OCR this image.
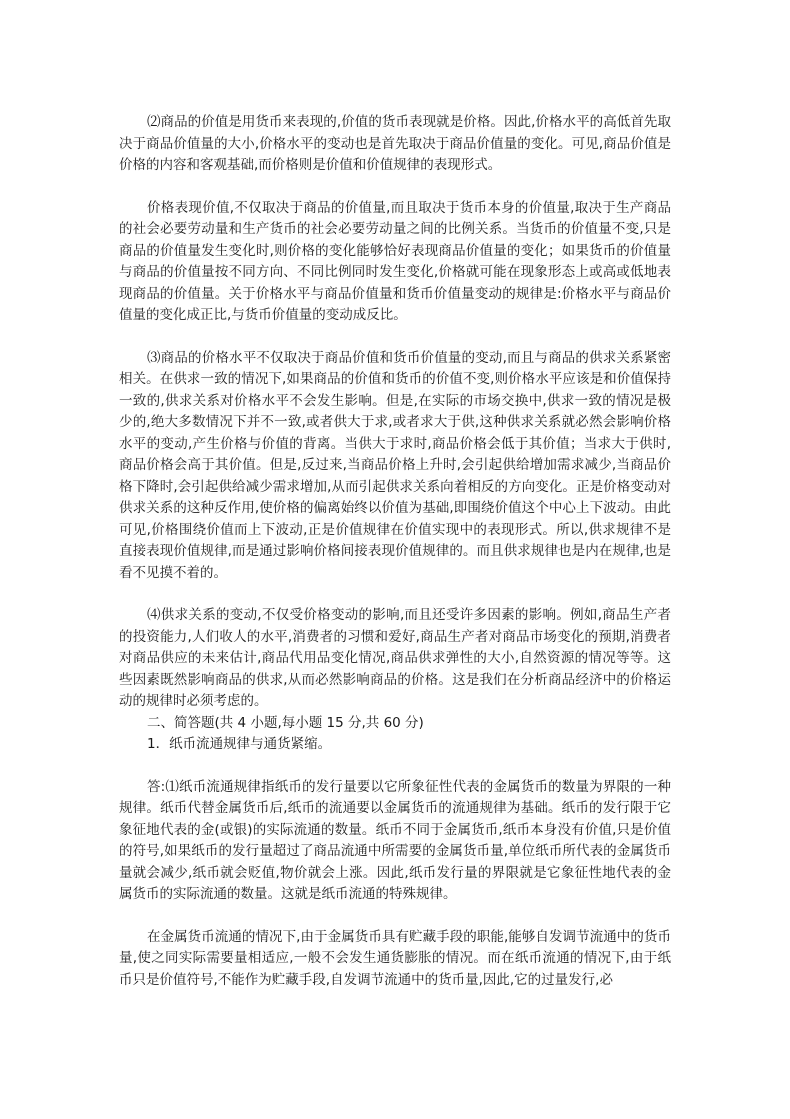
⑵商品的价值是用货币来表现的,价值的货币表现就是价格。因此,价格水平的高低首先取决于商品价值量的大小,价格水平的变动也是首先取决于商品价值量的变化。可见,商品价值是价格的内容和客观基础,而价格则是价值和价值规律的表现形式。

价格表现价值,不仅取决于商品的价值量,而且取决于货币本身的价值量,取决于生产商品的社会必要劳动量和生产货币的社会必要劳动量之间的比例关系。当货币的价值量不变,只是商品的价值量发生变化时,则价格的变化能够恰好表现商品价值量的变化；如果货币的价值量与商品的价值量按不同方向、不同比例同时发生变化,价格就可能在现象形态上或高或低地表现商品的价值量。关于价格水平与商品价值量和货币价值量变动的规律是:价格水平与商品价值量的变化成正比,与货币价值量的变动成反比。

⑶商品的价格水平不仅取决于商品价值和货币价值量的变动,而且与商品的供求关系紧密相关。在供求一致的情况下,如果商品的价值和货币的价值不变,则价格水平应该是和价值保持一致的,供求关系对价格水平不会发生影响。但是,在实际的市场交换中,供求一致的情况是极少的,绝大多数情况下并不一致,或者供大于求,或者求大于供,这种供求关系就必然会影响价格水平的变动,产生价格与价值的背离。当供大于求时,商品价格会低于其价值；当求大于供时,商品价格会高于其价值。但是,反过来,当商品价格上升时,会引起供给增加需求减少,当商品价格下降时,会引起供给减少需求增加,从而引起供求关系向着相反的方向变化。正是价格变动对供求关系的这种反作用,使价格的偏离始终以价值为基础,即围绕价值这个中心上下波动。由此可见,价格围绕价值而上下波动,正是价值规律在价值实现中的表现形式。所以,供求规律不是直接表现价值规律,而是通过影响价格间接表现价值规律的。而且供求规律也是内在规律,也是看不见摸不着的。

⑷供求关系的变动,不仅受价格变动的影响,而且还受许多因素的影响。例如,商品生产者的投资能力,人们收人的水平,消费者的习惯和爱好,商品生产者对商品市场变化的预期,消费者对商品供应的未来估计,商品代用品变化情况,商品供求弹性的大小,自然资源的情况等等。这些因素既然影响商品的供求,从而必然影响商品的价格。这是我们在分析商品经济中的价格运动的规律时必须考虑的。

二、简答题(共 4 小题,每小题 15 分,共 60 分)

1．纸币流通规律与通货紧缩。

答:⑴纸币流通规律指纸币的发行量要以它所象征性代表的金属货币的数量为界限的一种规律。纸币代替金属货币后,纸币的流通要以金属货币的流通规律为基础。纸币的发行限于它象征地代表的金(或银)的实际流通的数量。纸币不同于金属货币,纸币本身没有价值,只是价值的符号,如果纸币的发行量超过了商品流通中所需要的金属货币量,单位纸币所代表的金属货币量就会减少,纸币就会贬值,物价就会上涨。因此,纸币发行量的界限就是它象征性地代表的金属货币的实际流通的数量。这就是纸币流通的特殊规律。

在金属货币流通的情况下,由于金属货币具有贮藏手段的职能,能够自发调节流通中的货币量,使之同实际需要量相适应,一般不会发生通货膨胀的情况。而在纸币流通的情况下,由于纸币只是价值符号,不能作为贮藏手段,自发调节流通中的货币量,因此,它的过量发行,必
